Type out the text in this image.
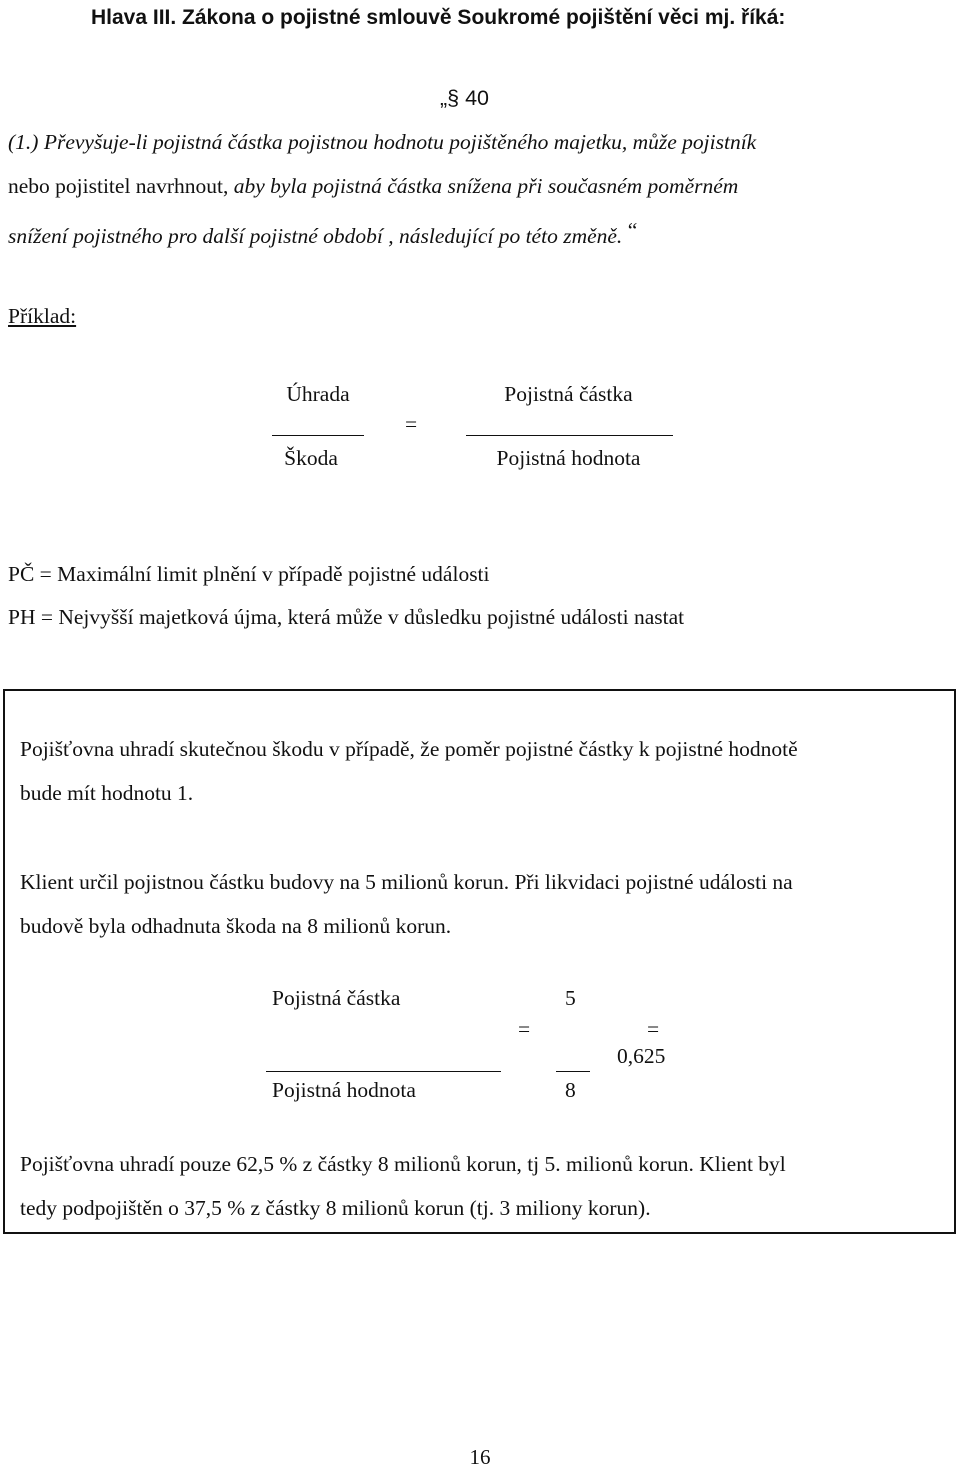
Hlava III. Zákona o pojistné smlouvě Soukromé pojištění věci mj. říká:
„§ 40
(1.) Převyšuje-li pojistná částka pojistnou hodnotu pojištěného majetku, může pojistník
nebo pojistitel navrhnout, aby byla pojistná částka snížena při současném poměrném
snížení pojistného pro další pojistné období , následující po této změně. “
Příklad:
Úhrada
Škoda
=
Pojistná částka
Pojistná hodnota
PČ = Maximální limit plnění v případě pojistné události
PH = Nejvyšší majetková újma, která může v důsledku pojistné události nastat
Pojišťovna uhradí skutečnou škodu v případě, že poměr pojistné částky k pojistné hodnotě
bude mít hodnotu 1.
Klient určil pojistnou částku budovy na 5 milionů korun. Při likvidaci pojistné události na
budově byla odhadnuta škoda na 8 milionů korun.
Pojistná částka
Pojistná hodnota
=
5
8
=
0,625
Pojišťovna uhradí pouze 62,5 % z částky 8 milionů korun, tj 5. milionů korun. Klient byl
tedy podpojištěn o 37,5 % z částky 8 milionů korun (tj. 3 miliony korun).
16
